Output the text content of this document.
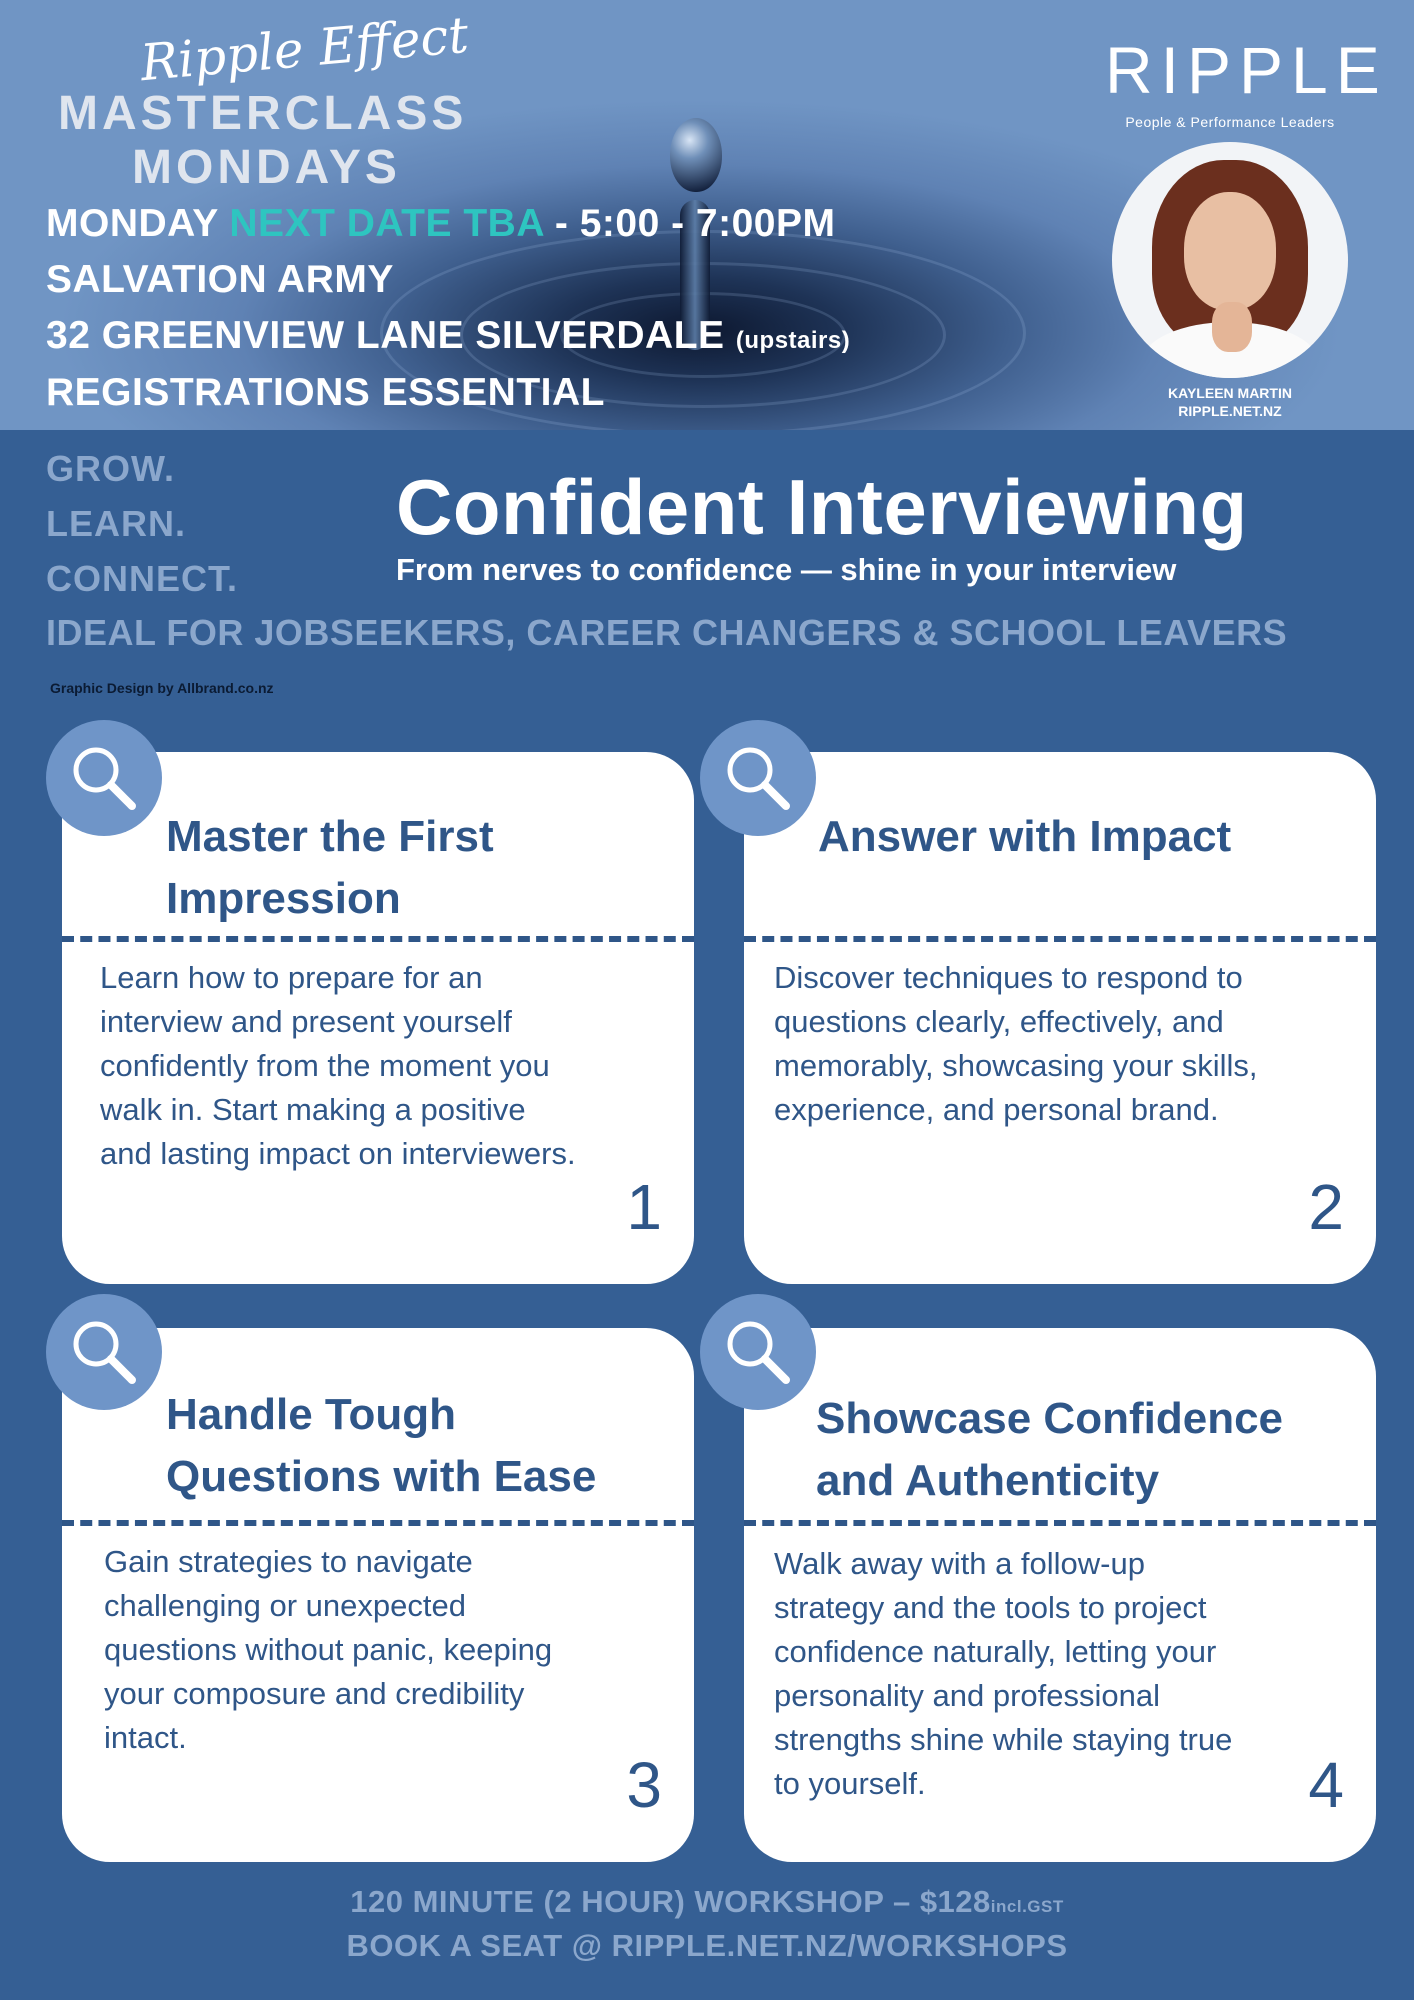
Ripple Effect
MASTERCLASS
MONDAYS
MONDAY NEXT DATE TBA - 5:00 - 7:00PM
SALVATION ARMY
32 GREENVIEW LANE SILVERDALE (upstairs)
REGISTRATIONS ESSENTIAL
RIPPLE
People & Performance Leaders
KAYLEEN MARTIN
RIPPLE.NET.NZ
GROW.
LEARN.
CONNECT.
Confident Interviewing
From nerves to confidence — shine in your interview
IDEAL FOR JOBSEEKERS, CAREER CHANGERS & SCHOOL LEAVERS
Graphic Design by Allbrand.co.nz
Master the First
Impression
Learn how to prepare for an
interview and present yourself
confidently from the moment you
walk in. Start making a positive
and lasting impact on interviewers.
1
Answer with Impact
Discover techniques to respond to
questions clearly, effectively, and
memorably, showcasing your skills,
experience, and personal brand.
2
Handle Tough
Questions with Ease
Gain strategies to navigate
challenging or unexpected
questions without panic, keeping
your composure and credibility
intact.
3
Showcase Confidence
and Authenticity
Walk away with a follow-up
strategy and the tools to project
confidence naturally, letting your
personality and professional
strengths shine while staying true
to yourself.	4
120 MINUTE (2 HOUR) WORKSHOP – $128incl.GST
BOOK A SEAT @ RIPPLE.NET.NZ/WORKSHOPS
